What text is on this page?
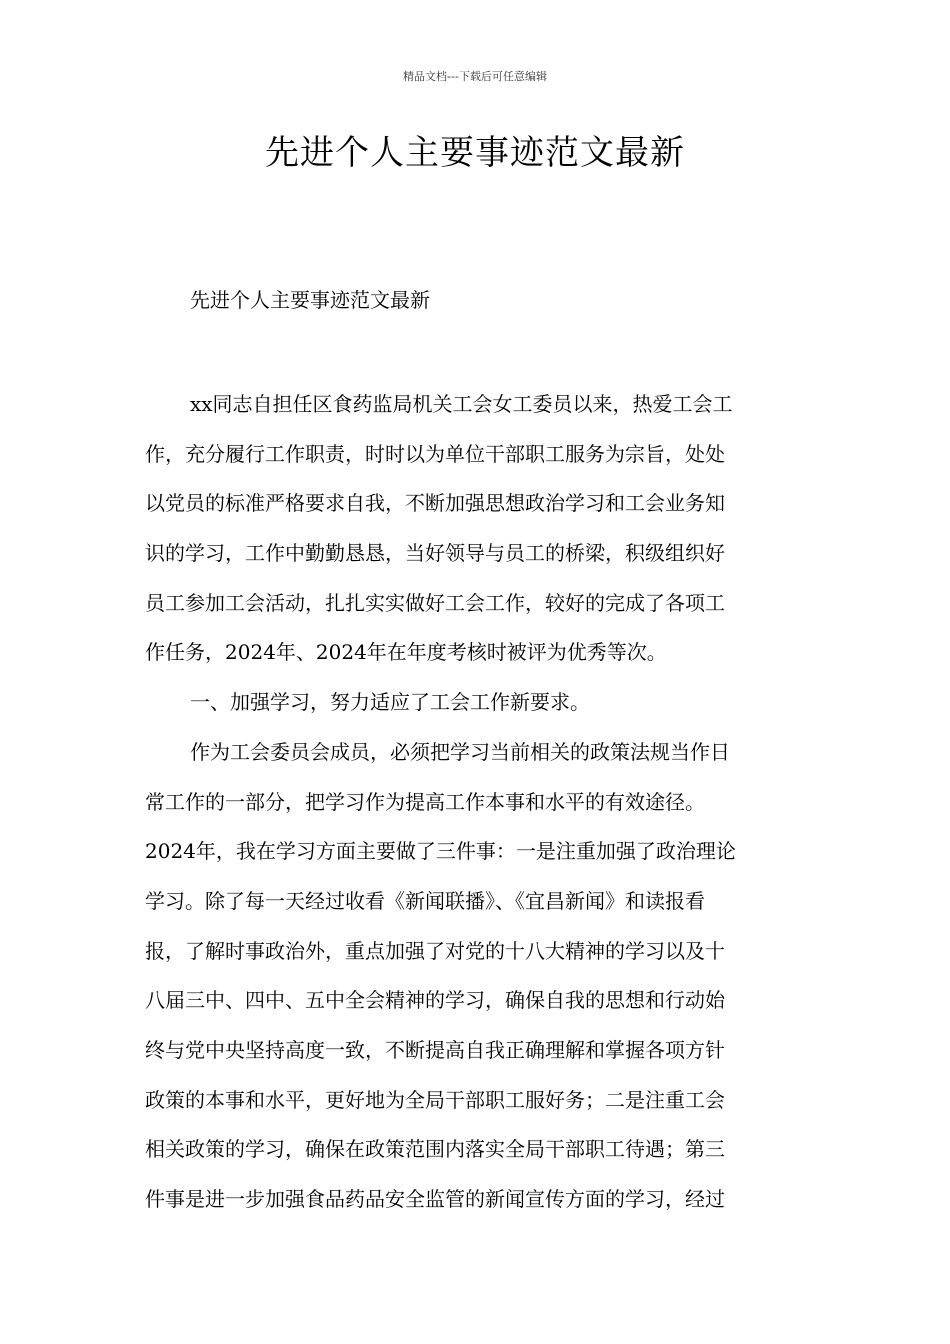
精品文档---下载后可任意编辑
先进个人主要事迹范文最新

先进个人主要事迹范文最新

xx同志自担任区食药监局机关工会女工委员以来，热爱工会工
作，充分履行工作职责，时时以为单位干部职工服务为宗旨，处处
以党员的标准严格要求自我，不断加强思想政治学习和工会业务知
识的学习，工作中勤勤恳恳，当好领导与员工的桥梁，积级组织好
员工参加工会活动，扎扎实实做好工会工作，较好的完成了各项工
作任务，2024年、2024年在年度考核时被评为优秀等次。
一、加强学习，努力适应了工会工作新要求。
作为工会委员会成员，必须把学习当前相关的政策法规当作日
常工作的一部分，把学习作为提高工作本事和水平的有效途径。
2024年，我在学习方面主要做了三件事：一是注重加强了政治理论
学习。除了每一天经过收看《新闻联播》、《宜昌新闻》和读报看
报，了解时事政治外，重点加强了对党的十八大精神的学习以及十
八届三中、四中、五中全会精神的学习，确保自我的思想和行动始
终与党中央坚持高度一致，不断提高自我正确理解和掌握各项方针
政策的本事和水平，更好地为全局干部职工服好务；二是注重工会
相关政策的学习，确保在政策范围内落实全局干部职工待遇；第三
件事是进一步加强食品药品安全监管的新闻宣传方面的学习，经过
